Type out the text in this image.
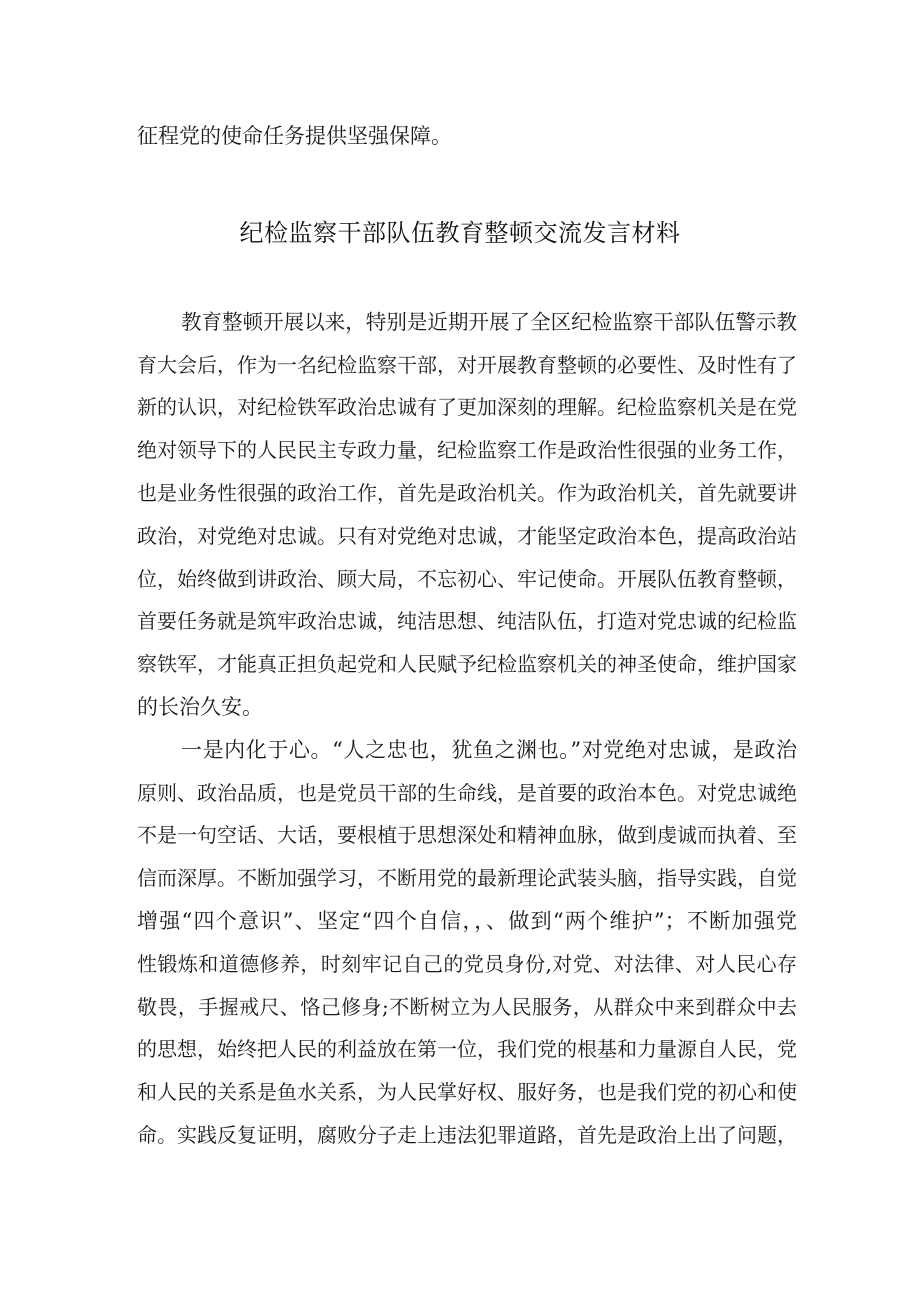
征程党的使命任务提供坚强保障。
纪检监察干部队伍教育整顿交流发言材料
教育整顿开展以来，特别是近期开展了全区纪检监察干部队伍警示教
育大会后，作为一名纪检监察干部，对开展教育整顿的必要性、及时性有了
新的认识，对纪检铁军政治忠诚有了更加深刻的理解。纪检监察机关是在党
绝对领导下的人民民主专政力量，纪检监察工作是政治性很强的业务工作，
也是业务性很强的政治工作，首先是政治机关。作为政治机关，首先就要讲
政治，对党绝对忠诚。只有对党绝对忠诚，才能坚定政治本色，提高政治站
位，始终做到讲政治、顾大局，不忘初心、牢记使命。开展队伍教育整顿，
首要任务就是筑牢政治忠诚，纯洁思想、纯洁队伍，打造对党忠诚的纪检监
察铁军，才能真正担负起党和人民赋予纪检监察机关的神圣使命，维护国家
的长治久安。
一是内化于心。“人之忠也，犹鱼之渊也。”对党绝对忠诚，是政治
原则、政治品质，也是党员干部的生命线，是首要的政治本色。对党忠诚绝
不是一句空话、大话，要根植于思想深处和精神血脉，做到虔诚而执着、至
信而深厚。不断加强学习，不断用党的最新理论武装头脑，指导实践，自觉
增强“四个意识”、坚定“四个自信，，、做到“两个维护”；不断加强党
性锻炼和道德修养，时刻牢记自己的党员身份,对党、对法律、对人民心存
敬畏，手握戒尺、恪己修身;不断树立为人民服务，从群众中来到群众中去
的思想，始终把人民的利益放在第一位，我们党的根基和力量源自人民，党
和人民的关系是鱼水关系，为人民掌好权、服好务，也是我们党的初心和使
命。实践反复证明，腐败分子走上违法犯罪道路，首先是政治上出了问题，
